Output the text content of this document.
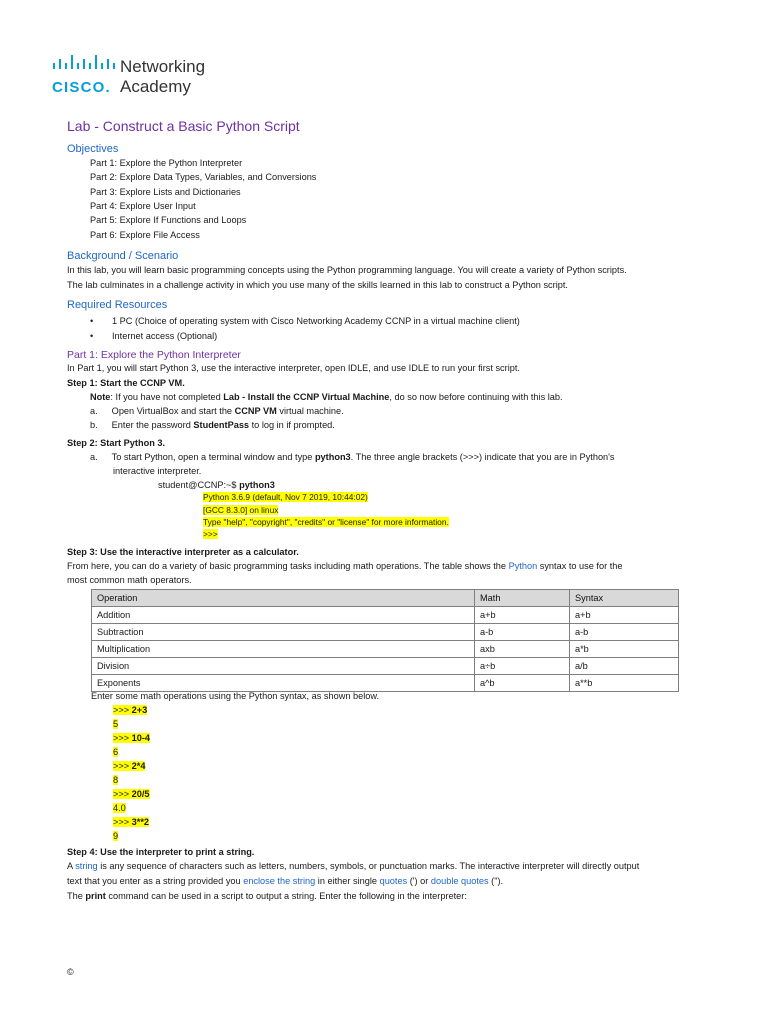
CISCO.
Networking
Academy
Lab - Construct a Basic Python Script
Objectives
Part 1: Explore the Python Interpreter
Part 2: Explore Data Types, Variables, and Conversions
Part 3: Explore Lists and Dictionaries
Part 4: Explore User Input
Part 5: Explore If Functions and Loops
Part 6: Explore File Access
Background / Scenario
In this lab, you will learn basic programming concepts using the Python programming language. You will create a variety of Python scripts.
The lab culminates in a challenge activity in which you use many of the skills learned in this lab to construct a Python script.
Required Resources
• 1 PC (Choice of operating system with Cisco Networking Academy CCNP in a virtual machine client)
• Internet access (Optional)
Part 1: Explore the Python Interpreter
In Part 1, you will start Python 3, use the interactive interpreter, open IDLE, and use IDLE to run your first script.
Step 1: Start the CCNP VM.
Note: If you have not completed Lab - Install the CCNP Virtual Machine, do so now before continuing with this lab.
a. Open VirtualBox and start the CCNP VM virtual machine.
b. Enter the password StudentPass to log in if prompted.
Step 2: Start Python 3.
a. To start Python, open a terminal window and type python3. The three angle brackets (>>>) indicate that you are in Python's
interactive interpreter.
student@CCNP:~$ python3
Python 3.6.9 (default, Nov 7 2019, 10:44:02)
[GCC 8.3.0] on linux
Type "help", "copyright", "credits" or "license" for more information.
>>>
Step 3: Use the interactive interpreter as a calculator.
From here, you can do a variety of basic programming tasks including math operations. The table shows the Python syntax to use for the
most common math operators.
Operation	Math	Syntax
Addition	a+b	a+b
Subtraction	a-b	a-b
Multiplication	axb	a*b
Division	a÷b	a/b
Exponents	a^b	a**b
Enter some math operations using the Python syntax, as shown below.
>>> 2+3
5
>>> 10-4
6
>>> 2*4
8
>>> 20/5
4.0
>>> 3**2
9
Step 4: Use the interpreter to print a string.
A string is any sequence of characters such as letters, numbers, symbols, or punctuation marks. The interactive interpreter will directly output
text that you enter as a string provided you enclose the string in either single quotes (') or double quotes (").
The print command can be used in a script to output a string. Enter the following in the interpreter:
©
